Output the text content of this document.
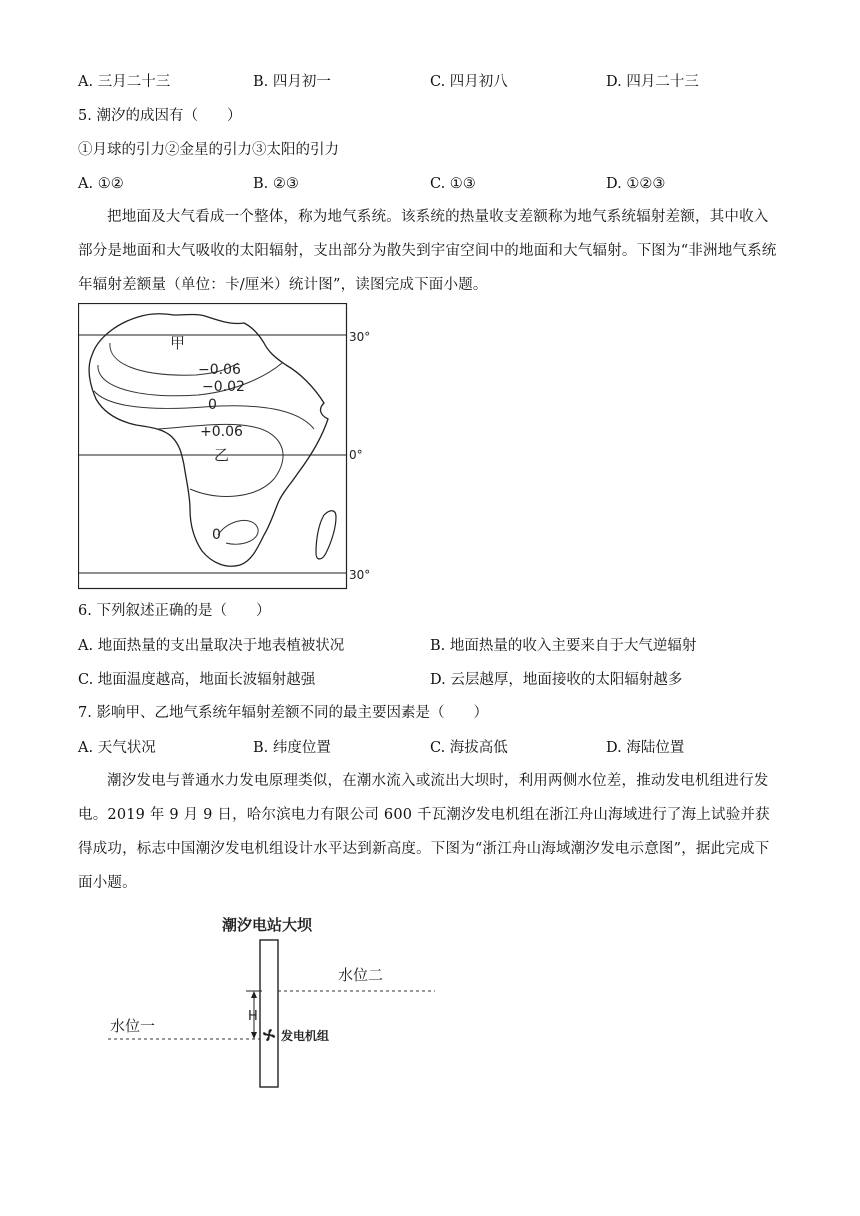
A. 三月二十三	B. 四月初一	C. 四月初八	D. 四月二十三
5. 潮汐的成因有（　　）
①月球的引力②金星的引力③太阳的引力
A. ①②	B. ②③	C. ①③	D. ①②③
把地面及大气看成一个整体，称为地气系统。该系统的热量收支差额称为地气系统辐射差额，其中收入部分是地面和大气吸收的太阳辐射，支出部分为散失到宇宙空间中的地面和大气辐射。下图为“非洲地气系统年辐射差额量（单位：卡/厘米）统计图”，读图完成下面小题。
30°
0°
30°
甲
乙
−0.06
−0.02
0
+0.06
0
6. 下列叙述正确的是（　　）
A. 地面热量的支出量取决于地表植被状况	B. 地面热量的收入主要来自于大气逆辐射
C. 地面温度越高，地面长波辐射越强	D. 云层越厚，地面接收的太阳辐射越多
7. 影响甲、乙地气系统年辐射差额不同的最主要因素是（　　）
A. 天气状况	B. 纬度位置	C. 海拔高低	D. 海陆位置
潮汐发电与普通水力发电原理类似，在潮水流入或流出大坝时，利用两侧水位差，推动发电机组进行发电。2019 年 9 月 9 日，哈尔滨电力有限公司 600 千瓦潮汐发电机组在浙江舟山海域进行了海上试验并获得成功，标志中国潮汐发电机组设计水平达到新高度。下图为“浙江舟山海域潮汐发电示意图”，据此完成下面小题。
潮汐电站大坝
水位二
水位一
H
发电机组
